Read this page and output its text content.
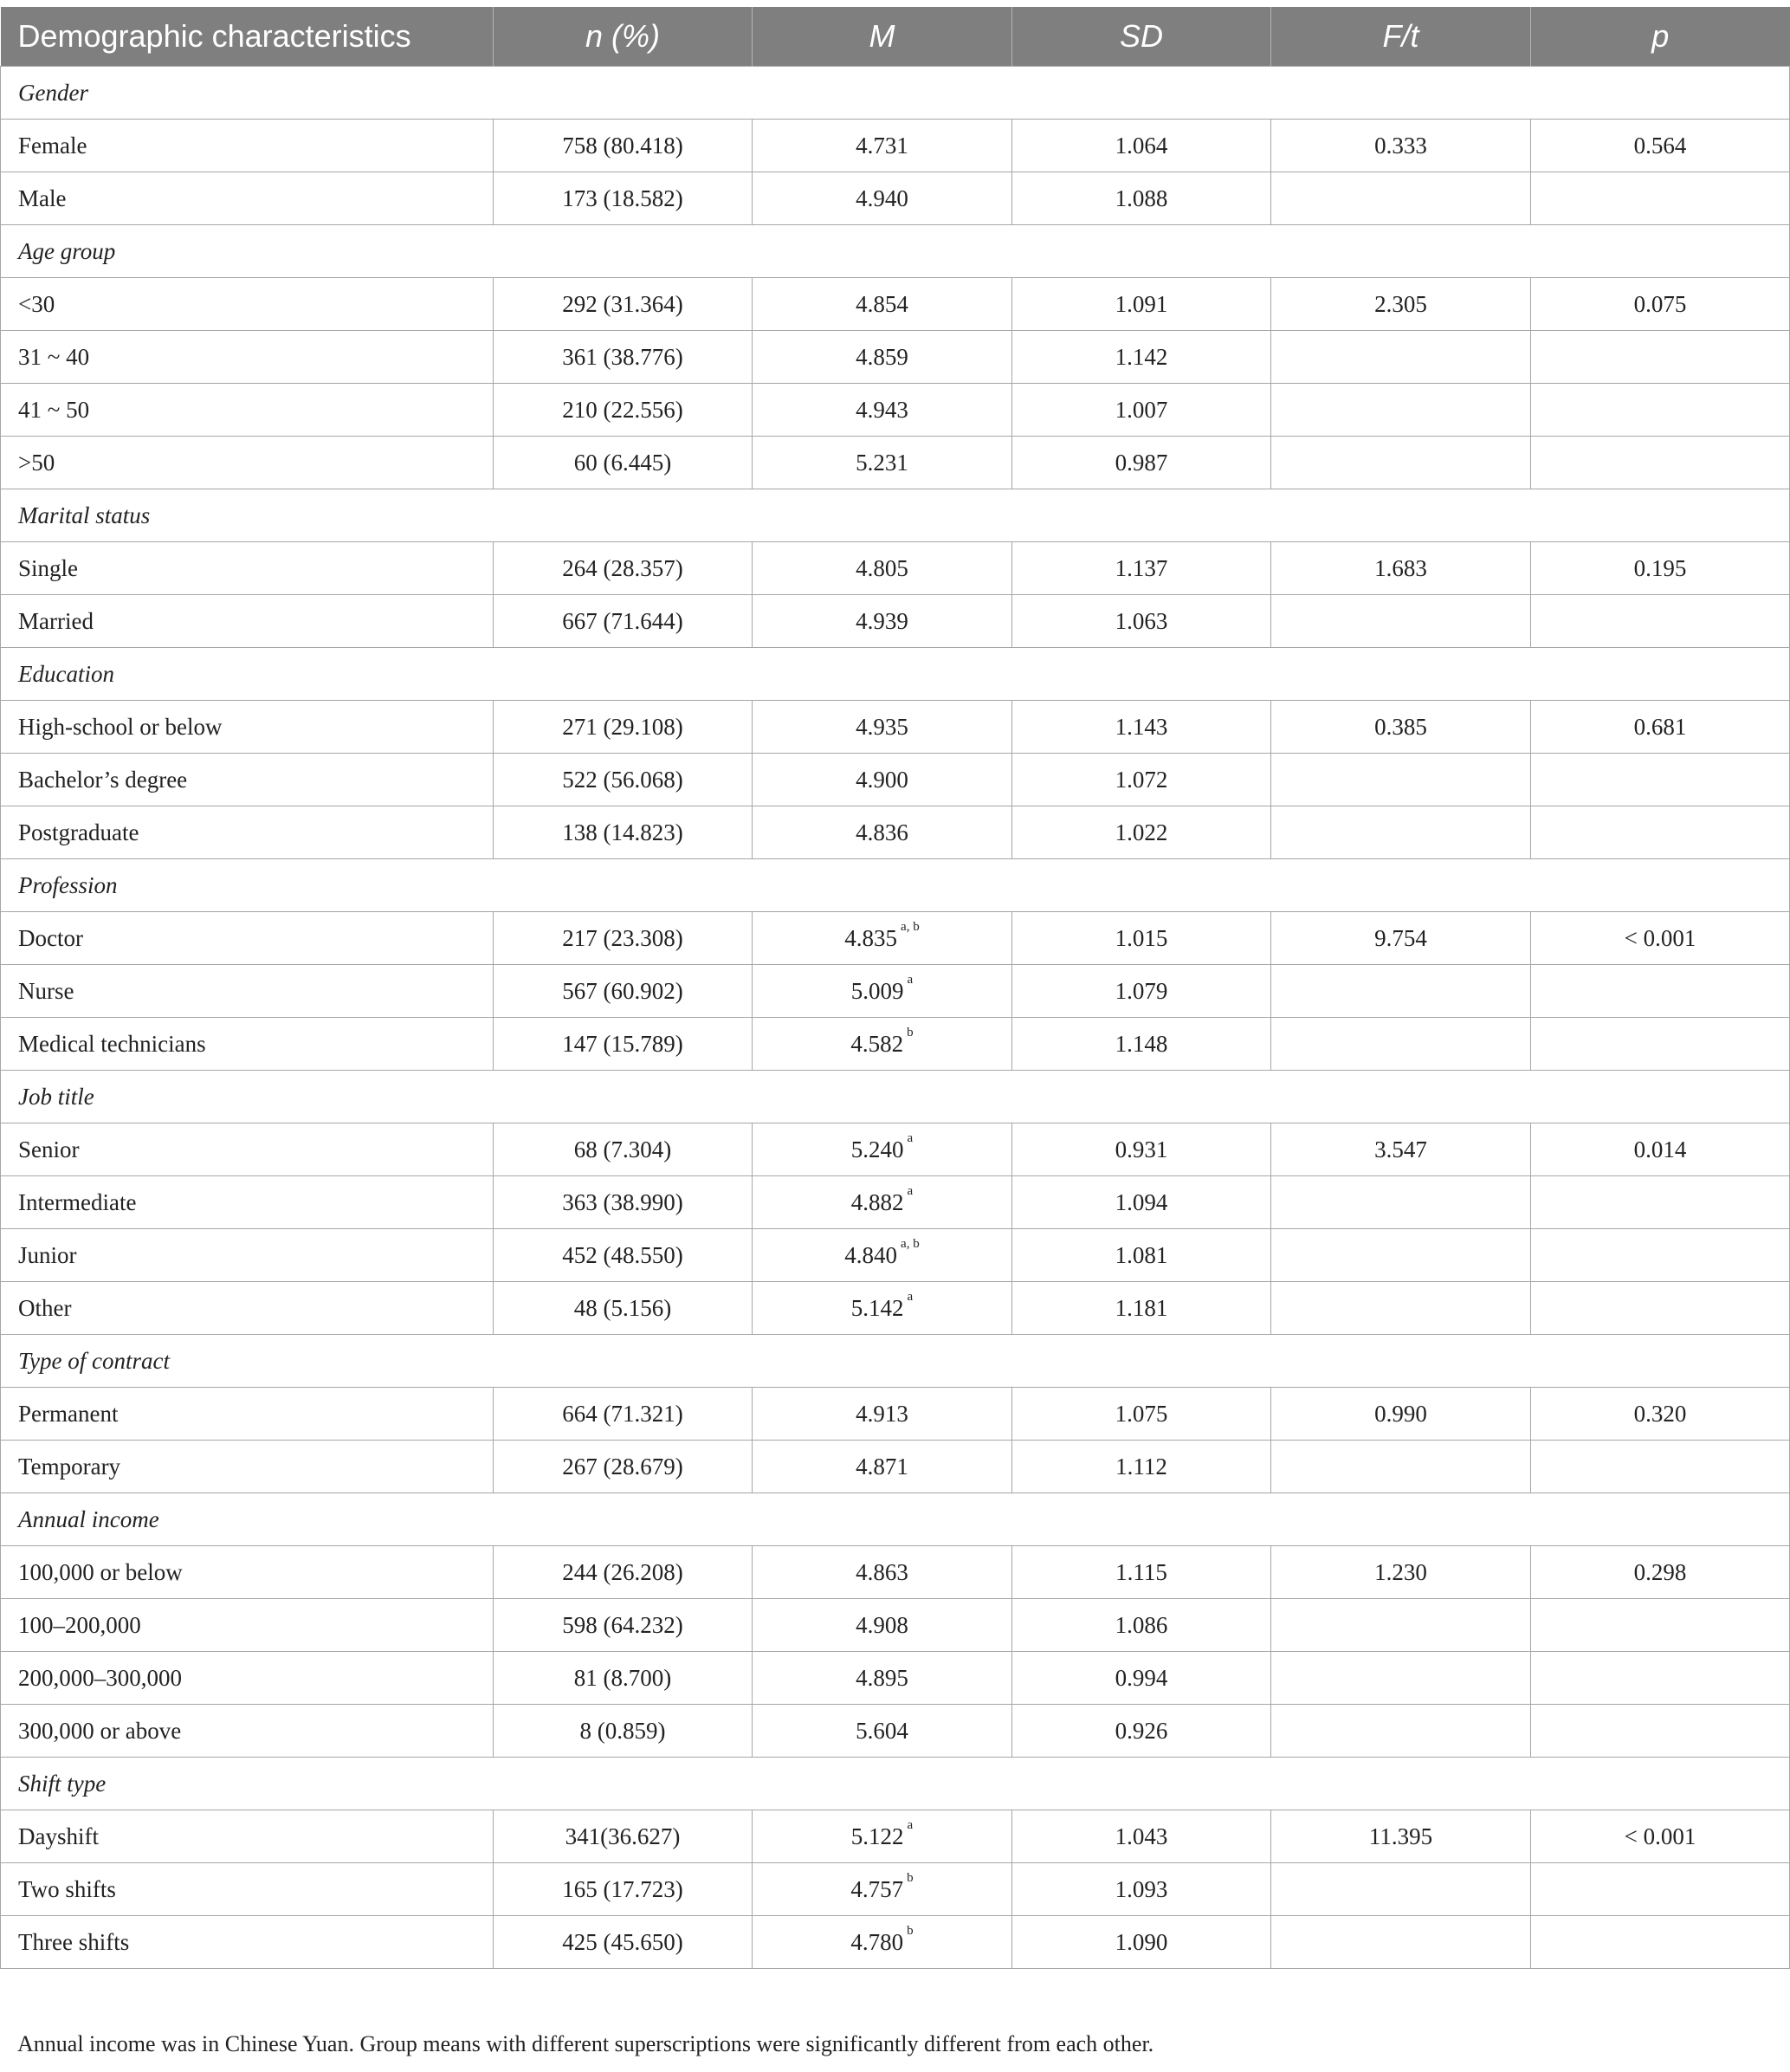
Demographic characteristics	n (%)	M	SD	F/t	p
Gender					
Female	758 (80.418)	4.731	1.064	0.333	0.564
Male	173 (18.582)	4.940	1.088		
Age group					
<30	292 (31.364)	4.854	1.091	2.305	0.075
31 ~ 40	361 (38.776)	4.859	1.142		
41 ~ 50	210 (22.556)	4.943	1.007		
>50	60 (6.445)	5.231	0.987		
Marital status					
Single	264 (28.357)	4.805	1.137	1.683	0.195
Married	667 (71.644)	4.939	1.063		
Education					
High-school or below	271 (29.108)	4.935	1.143	0.385	0.681
Bachelor’s degree	522 (56.068)	4.900	1.072		
Postgraduate	138 (14.823)	4.836	1.022		
Profession					
Doctor	217 (23.308)	4.835 $^{a, b}$	1.015	9.754	< 0.001
Nurse	567 (60.902)	5.009 $^a$	1.079		
Medical technicians	147 (15.789)	4.582 $^b$	1.148		
Job title					
Senior	68 (7.304)	5.240 $^a$	0.931	3.547	0.014
Intermediate	363 (38.990)	4.882 $^a$	1.094		
Junior	452 (48.550)	4.840 $^{a, b}$	1.081		
Other	48 (5.156)	5.142 $^a$	1.181		
Type of contract					
Permanent	664 (71.321)	4.913	1.075	0.990	0.320
Temporary	267 (28.679)	4.871	1.112		
Annual income					
100,000 or below	244 (26.208)	4.863	1.115	1.230	0.298
100–200,000	598 (64.232)	4.908	1.086		
200,000–300,000	81 (8.700)	4.895	0.994		
300,000 or above	8 (0.859)	5.604	0.926		
Shift type					
Dayshift	341(36.627)	5.122 $^a$	1.043	11.395	< 0.001
Two shifts	165 (17.723)	4.757 $^b$	1.093		
Three shifts	425 (45.650)	4.780 $^b$	1.090		
Annual income was in Chinese Yuan. Group means with different superscriptions were significantly different from each other.
